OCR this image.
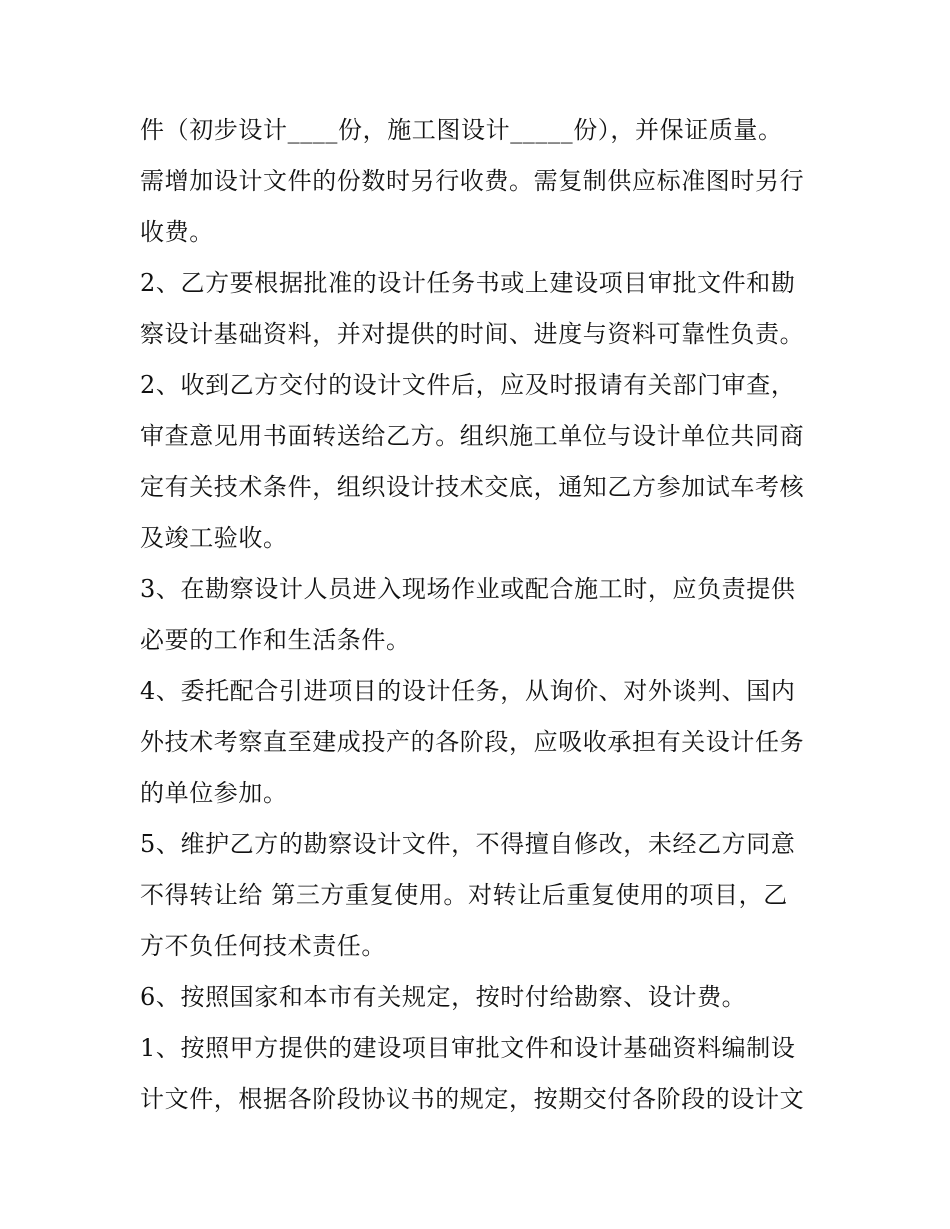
件（初步设计____份，施工图设计_____份），并保证质量。
需增加设计文件的份数时另行收费。需复制供应标准图时另行
收费。
2、乙方要根据批准的设计任务书或上建设项目审批文件和勘
察设计基础资料，并对提供的时间、进度与资料可靠性负责。
2、收到乙方交付的设计文件后，应及时报请有关部门审查，
审查意见用书面转送给乙方。组织施工单位与设计单位共同商
定有关技术条件，组织设计技术交底，通知乙方参加试车考核
及竣工验收。
3、在勘察设计人员进入现场作业或配合施工时，应负责提供
必要的工作和生活条件。
4、委托配合引进项目的设计任务，从询价、对外谈判、国内
外技术考察直至建成投产的各阶段，应吸收承担有关设计任务
的单位参加。
5、维护乙方的勘察设计文件，不得擅自修改，未经乙方同意
不得转让给 第三方重复使用。对转让后重复使用的项目，乙
方不负任何技术责任。
6、按照国家和本市有关规定，按时付给勘察、设计费。
1、按照甲方提供的建设项目审批文件和设计基础资料编制设
计文件，根据各阶段协议书的规定，按期交付各阶段的设计文
